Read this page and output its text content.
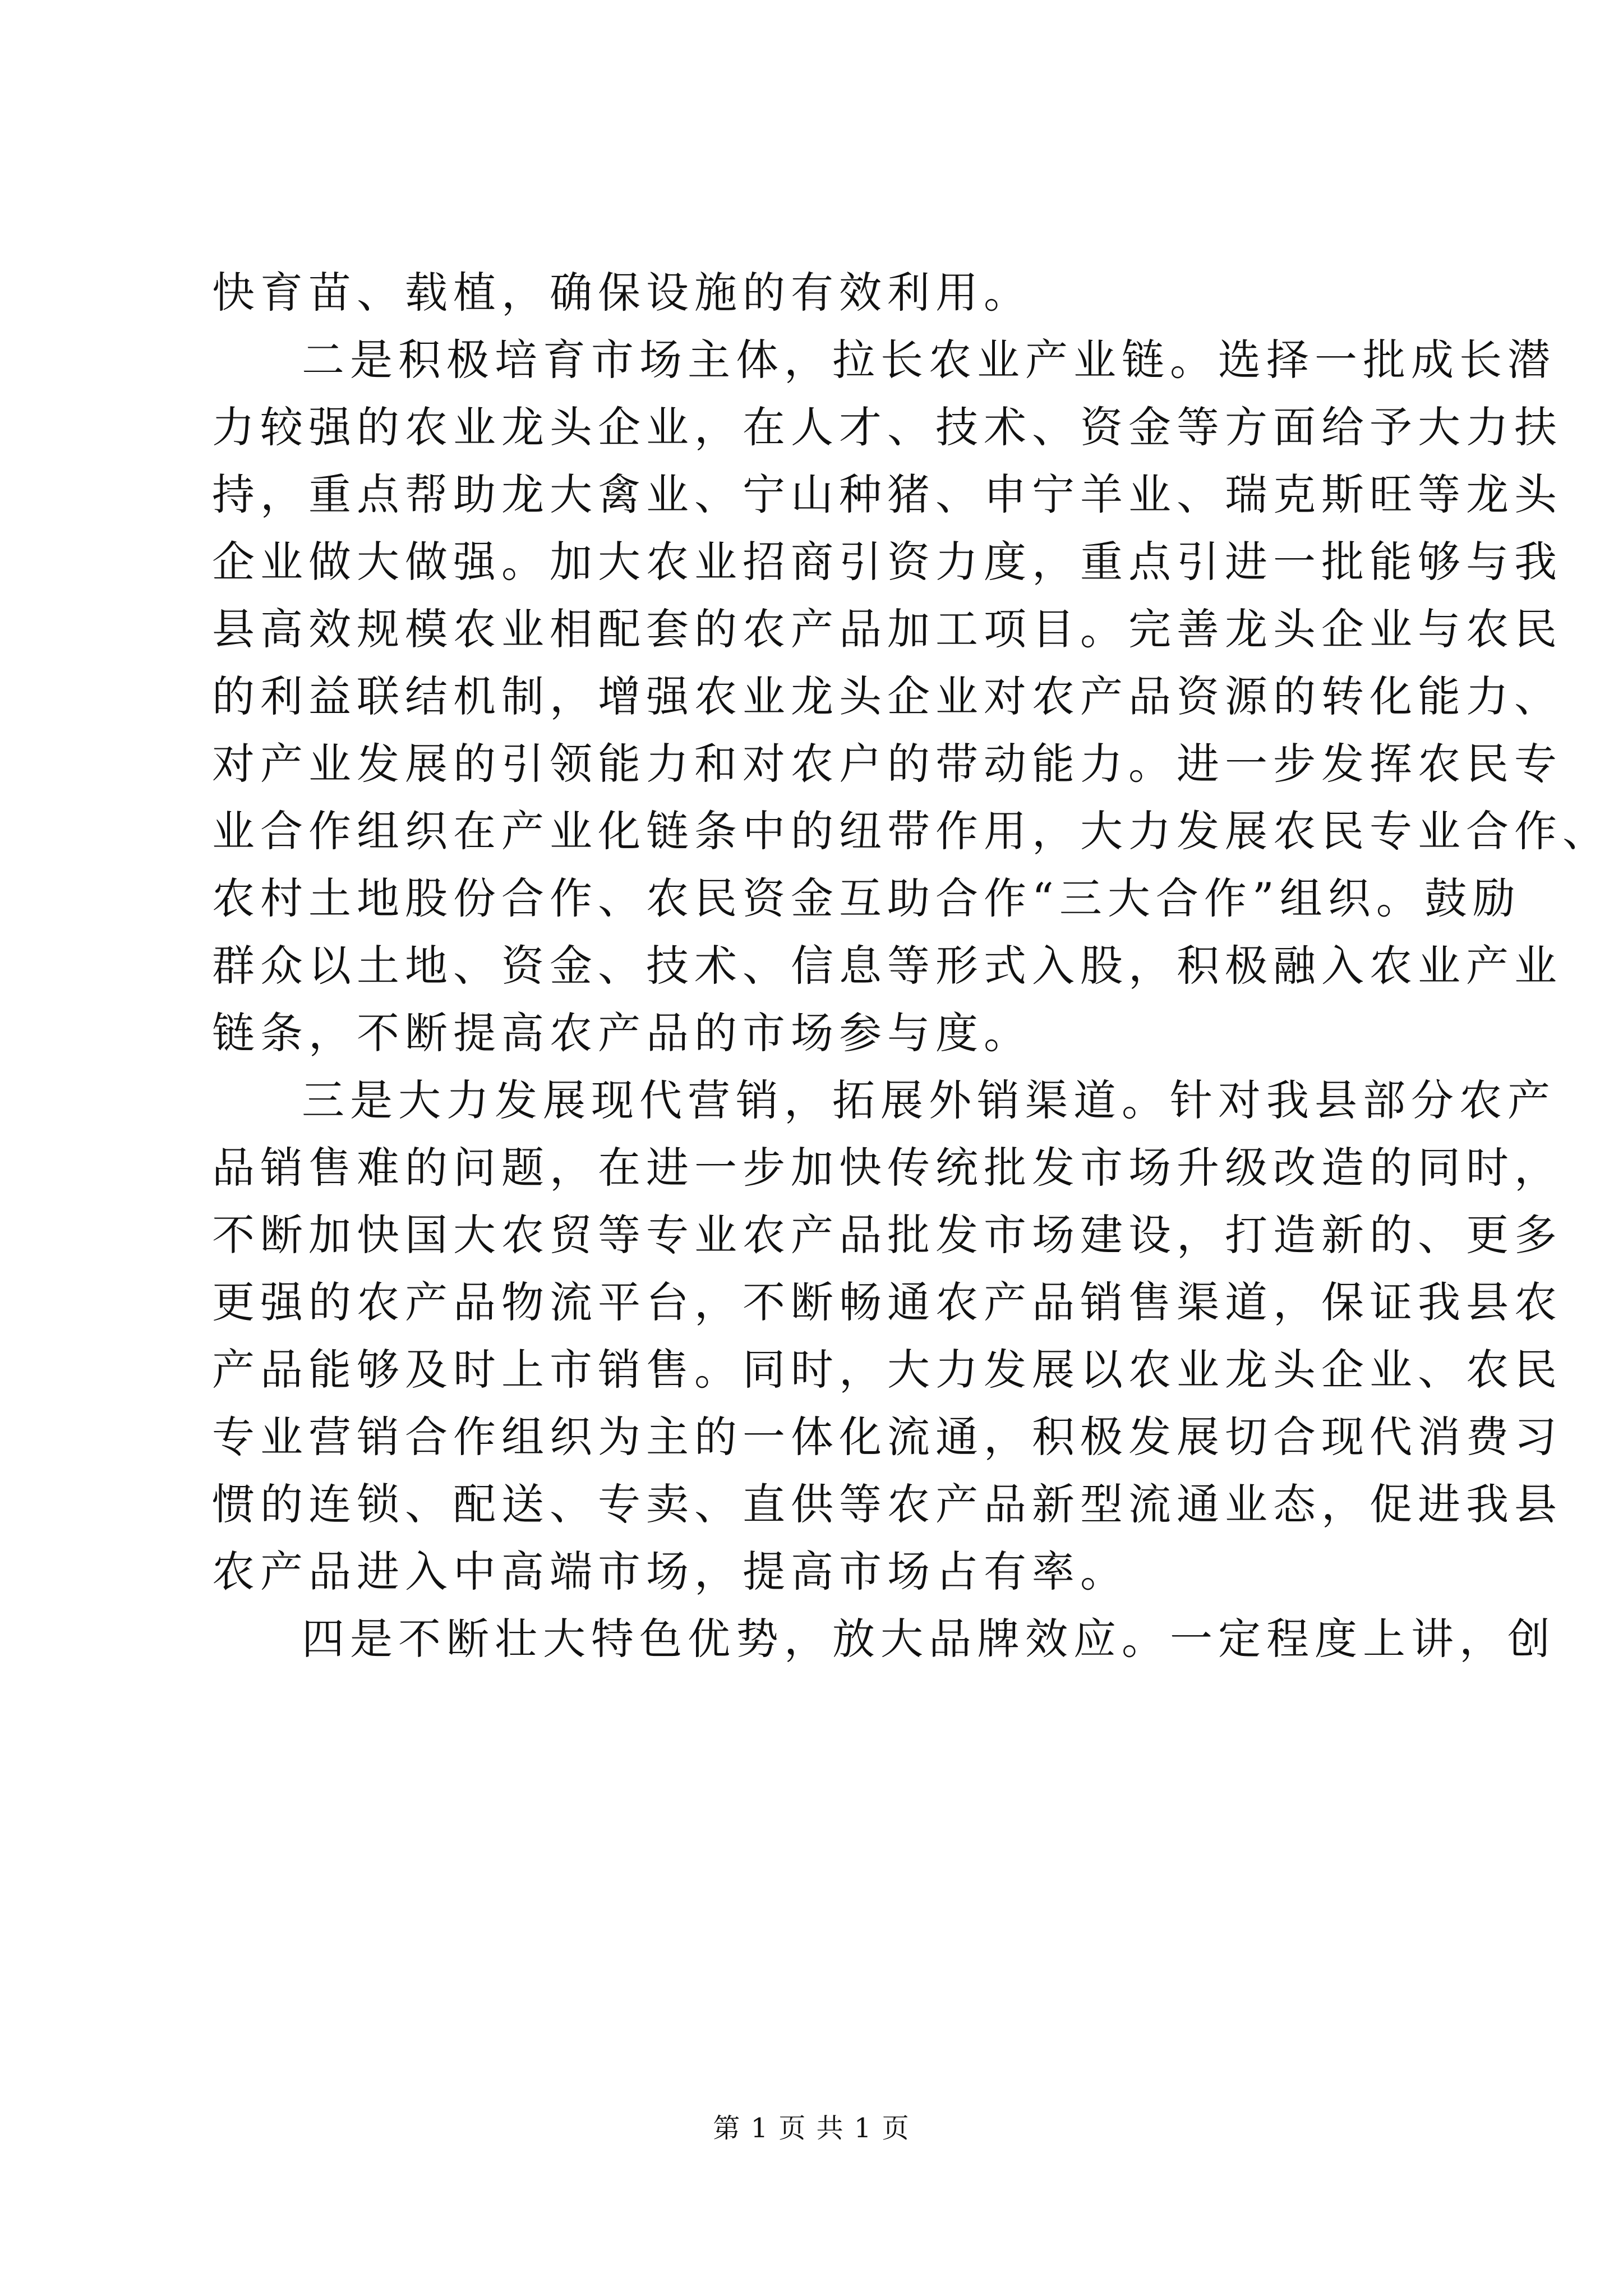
快育苗、载植，确保设施的有效利用。
二是积极培育市场主体，拉长农业产业链。选择一批成长潜
力较强的农业龙头企业，在人才、技术、资金等方面给予大力扶
持，重点帮助龙大禽业、宁山种猪、申宁羊业、瑞克斯旺等龙头
企业做大做强。加大农业招商引资力度，重点引进一批能够与我
县高效规模农业相配套的农产品加工项目。完善龙头企业与农民
的利益联结机制，增强农业龙头企业对农产品资源的转化能力、
对产业发展的引领能力和对农户的带动能力。进一步发挥农民专
业合作组织在产业化链条中的纽带作用，大力发展农民专业合作、
农村土地股份合作、农民资金互助合作“三大合作”组织。鼓励
群众以土地、资金、技术、信息等形式入股，积极融入农业产业
链条，不断提高农产品的市场参与度。
三是大力发展现代营销，拓展外销渠道。针对我县部分农产
品销售难的问题，在进一步加快传统批发市场升级改造的同时，
不断加快国大农贸等专业农产品批发市场建设，打造新的、更多
更强的农产品物流平台，不断畅通农产品销售渠道，保证我县农
产品能够及时上市销售。同时，大力发展以农业龙头企业、农民
专业营销合作组织为主的一体化流通，积极发展切合现代消费习
惯的连锁、配送、专卖、直供等农产品新型流通业态，促进我县
农产品进入中高端市场，提高市场占有率。
四是不断壮大特色优势，放大品牌效应。一定程度上讲，创
第 1 页 共 1 页
